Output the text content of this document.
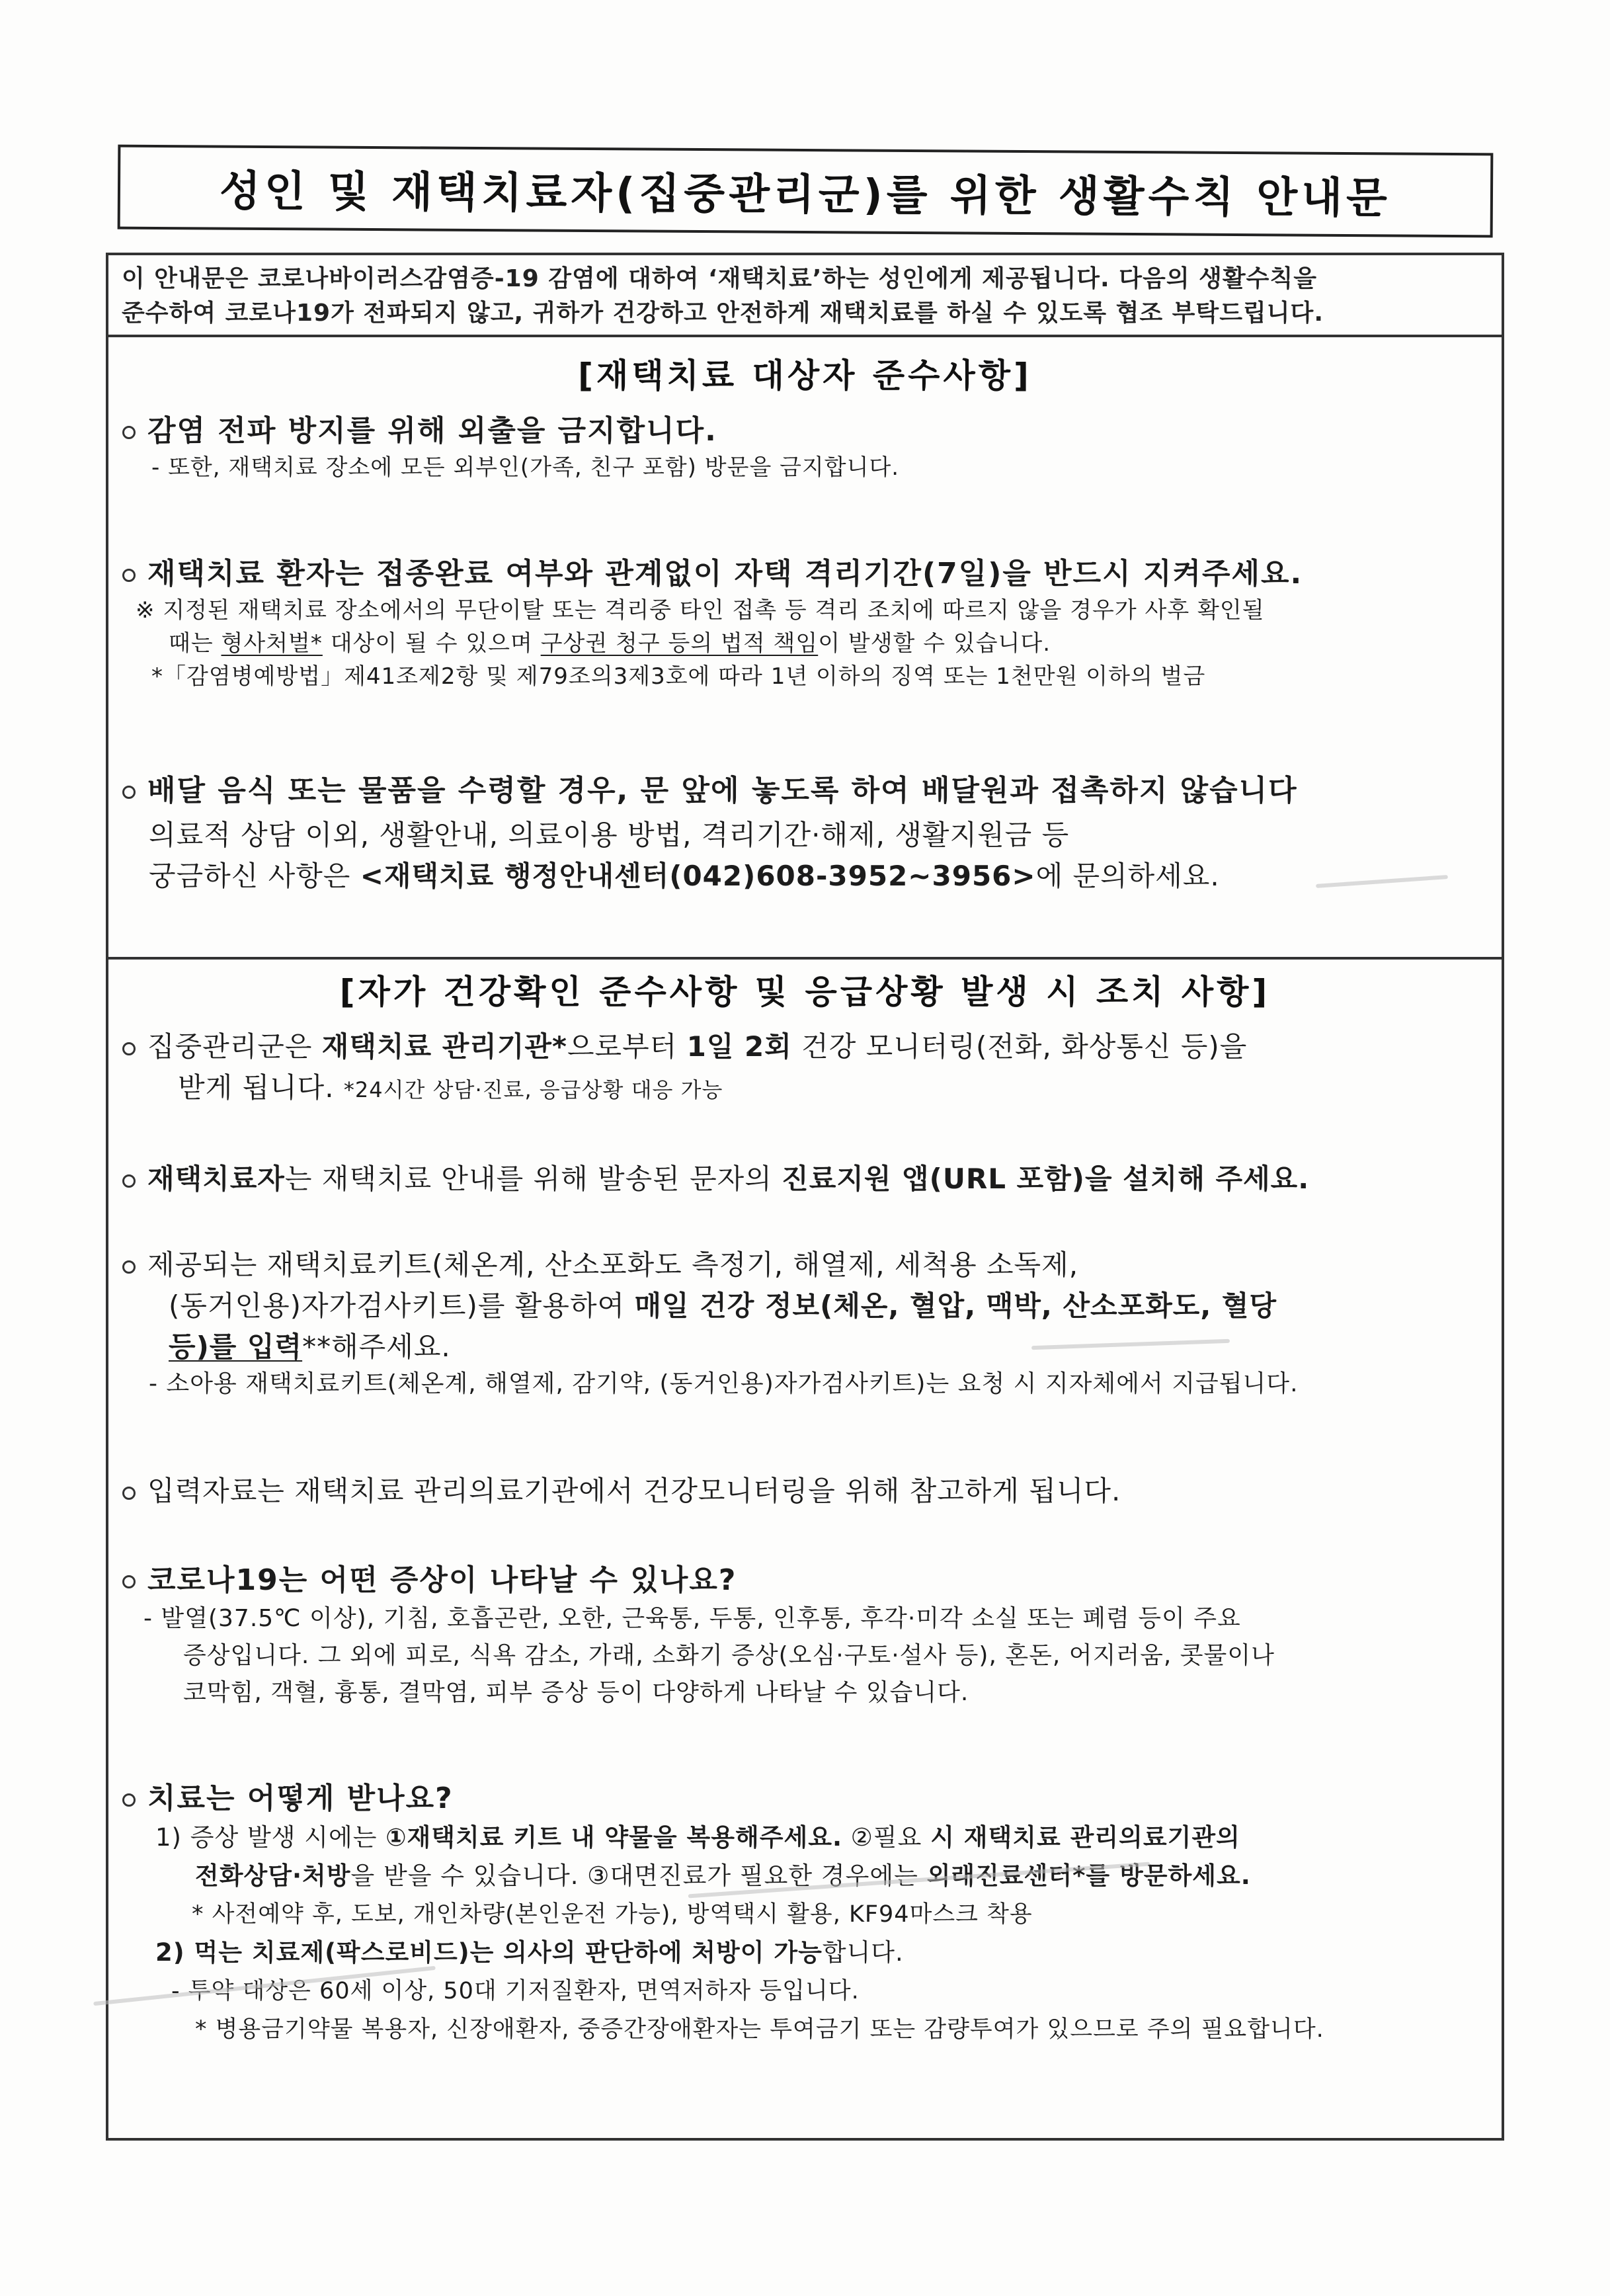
성인 및 재택치료자(집중관리군)를 위한 생활수칙 안내문

이 안내문은 코로나바이러스감염증-19 감염에 대하여 ‘재택치료’하는 성인에게 제공됩니다. 다음의 생활수칙을

준수하여 코로나19가 전파되지 않고, 귀하가 건강하고 안전하게 재택치료를 하실 수 있도록 협조 부탁드립니다.

[재택치료 대상자 준수사항]
감염 전파 방지를 위해 외출을 금지합니다.
- 또한, 재택치료 장소에 모든 외부인(가족, 친구 포함) 방문을 금지합니다.
재택치료 환자는 접종완료 여부와 관계없이 자택 격리기간(7일)을 반드시 지켜주세요.
※ 지정된 재택치료 장소에서의 무단이탈 또는 격리중 타인 접촉 등 격리 조치에 따르지 않을 경우가 사후 확인될
때는 형사처벌* 대상이 될 수 있으며 구상권 청구 등의 법적 책임이 발생할 수 있습니다.
*「감염병예방법」제41조제2항 및 제79조의3제3호에 따라 1년 이하의 징역 또는 1천만원 이하의 벌금
배달 음식 또는 물품을 수령할 경우, 문 앞에 놓도록 하여 배달원과 접촉하지 않습니다
의료적 상담 이외, 생활안내, 의료이용 방법, 격리기간·해제, 생활지원금 등
궁금하신 사항은 <재택치료 행정안내센터(042)608-3952~3956>에 문의하세요.
[자가 건강확인 준수사항 및 응급상황 발생 시 조치 사항]
집중관리군은 재택치료 관리기관*으로부터 1일 2회 건강 모니터링(전화, 화상통신 등)을
받게 됩니다. *24시간 상담·진료, 응급상황 대응 가능
재택치료자는 재택치료 안내를 위해 발송된 문자의 진료지원 앱(URL 포함)을 설치해 주세요.
제공되는 재택치료키트(체온계, 산소포화도 측정기, 해열제, 세척용 소독제,
(동거인용)자가검사키트)를 활용하여 매일 건강 정보(체온, 혈압, 맥박, 산소포화도, 혈당
등)를 입력**해주세요.
- 소아용 재택치료키트(체온계, 해열제, 감기약, (동거인용)자가검사키트)는 요청 시 지자체에서 지급됩니다.
입력자료는 재택치료 관리의료기관에서 건강모니터링을 위해 참고하게 됩니다.
코로나19는 어떤 증상이 나타날 수 있나요?
- 발열(37.5℃ 이상), 기침, 호흡곤란, 오한, 근육통, 두통, 인후통, 후각·미각 소실 또는 폐렴 등이 주요
증상입니다. 그 외에 피로, 식욕 감소, 가래, 소화기 증상(오심·구토·설사 등), 혼돈, 어지러움, 콧물이나
코막힘, 객혈, 흉통, 결막염, 피부 증상 등이 다양하게 나타날 수 있습니다.
치료는 어떻게 받나요?
1) 증상 발생 시에는 ①재택치료 키트 내 약물을 복용해주세요. ②필요 시 재택치료 관리의료기관의
전화상담·처방을 받을 수 있습니다. ③대면진료가 필요한 경우에는 외래진료센터*를 방문하세요.
* 사전예약 후, 도보, 개인차량(본인운전 가능), 방역택시 활용, KF94마스크 착용
2) 먹는 치료제(팍스로비드)는 의사의 판단하에 처방이 가능합니다.
- 투약 대상은 60세 이상, 50대 기저질환자, 면역저하자 등입니다.
* 병용금기약물 복용자, 신장애환자, 중증간장애환자는 투여금기 또는 감량투여가 있으므로 주의 필요합니다.
